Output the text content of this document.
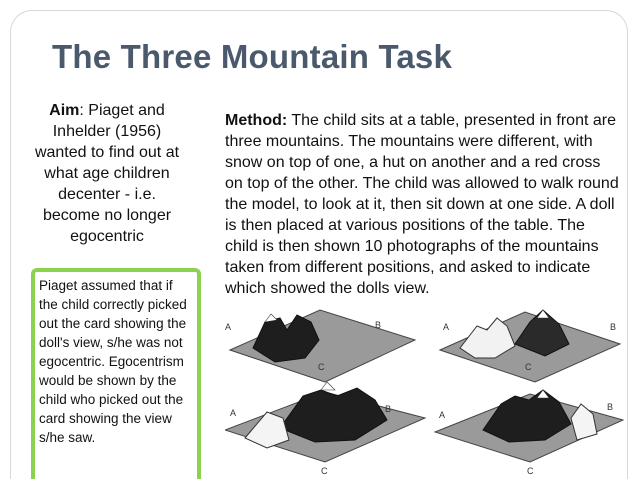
The Three Mountain Task
Aim: Piaget and Inhelder (1956) wanted to find out at what age children decenter - i.e. become no longer egocentric
A	B
C
A	B
C
A	B
C
A
B
C
Method: The child sits at a table, presented in front are three mountains. The mountains were different, with snow on top of one, a hut on another and a red cross on top of the other. The child was allowed to walk round the model, to look at it, then sit down at one side. A doll is then placed at various positions of the table. The child is then shown 10 photographs of the mountains taken from different positions, and asked to indicate which showed the dolls view.
Piaget assumed that if the child correctly picked out the card showing the doll's view, s/he was not egocentric. Egocentrism would be shown by the child who picked out the card showing the view s/he saw.
